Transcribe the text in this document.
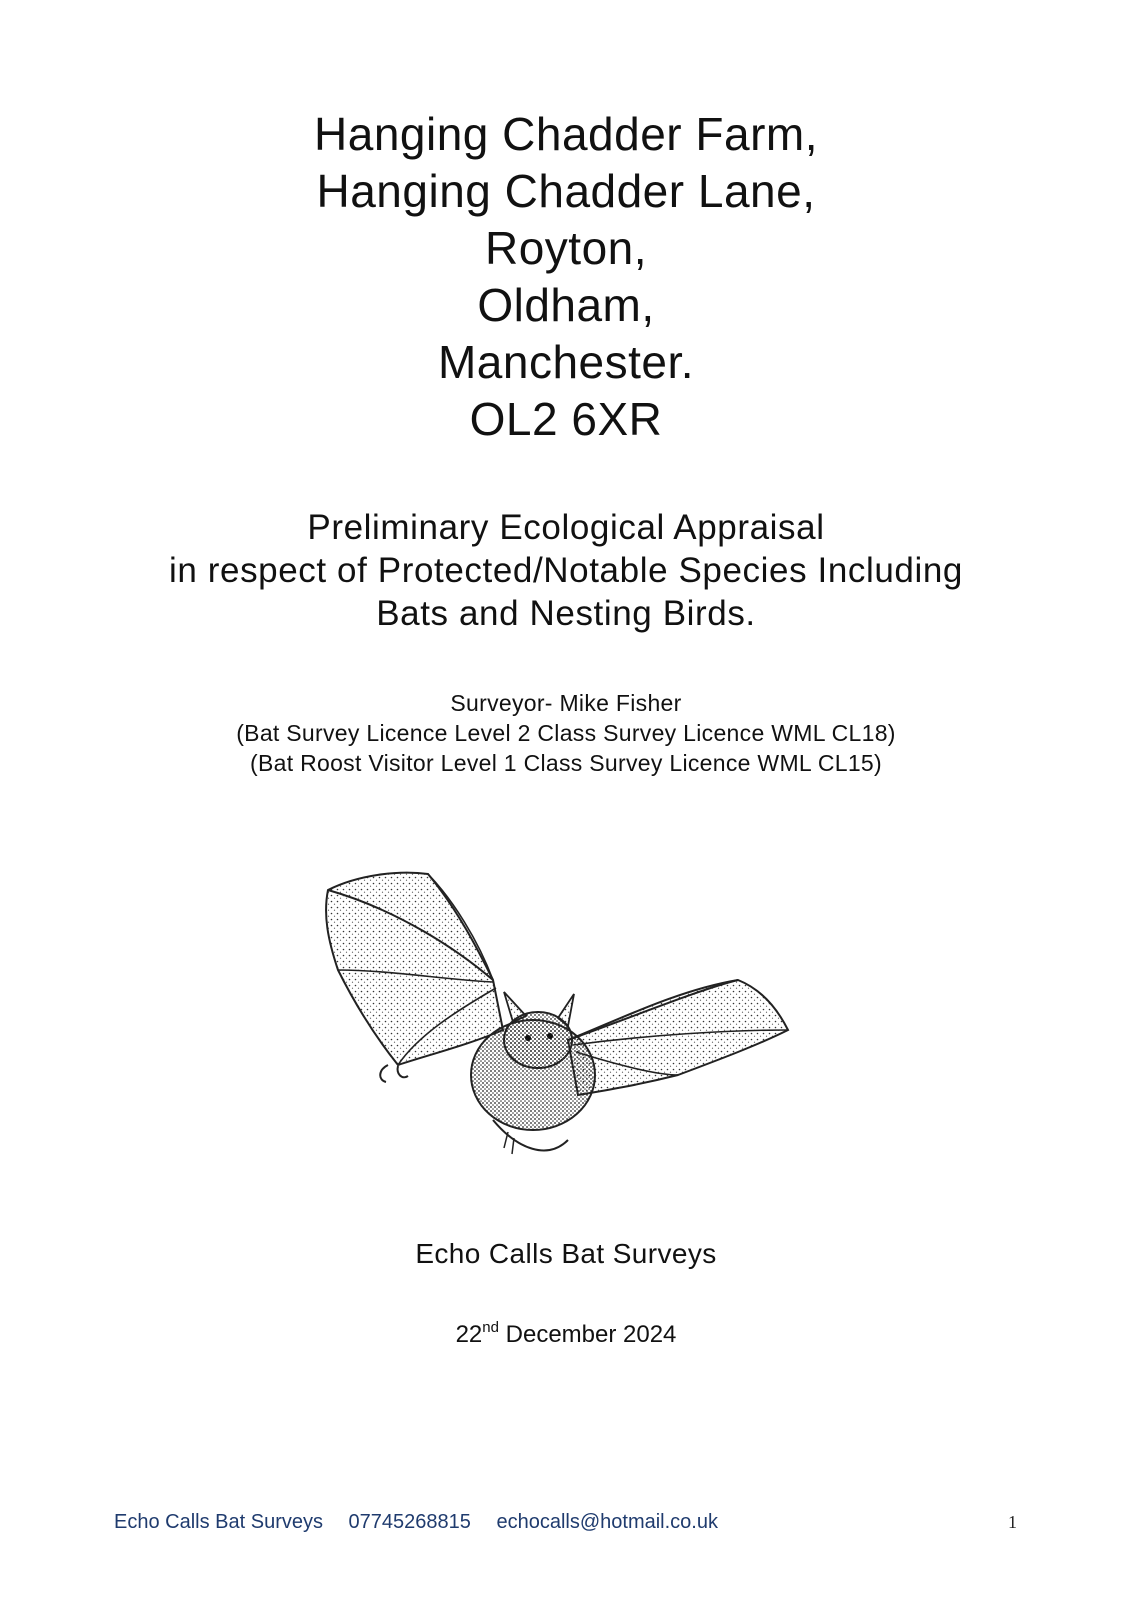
Hanging Chadder Farm,
Hanging Chadder Lane,
Royton,
Oldham,
Manchester.
OL2 6XR
Preliminary Ecological Appraisal
in respect of Protected/Notable Species Including
Bats and Nesting Birds.
Surveyor- Mike Fisher
(Bat Survey Licence Level 2 Class Survey Licence WML CL18)
(Bat Roost Visitor Level 1 Class Survey Licence WML CL15)
Echo Calls Bat Surveys
22nd December 2024
Echo Calls Bat Surveys 07745268815 echocalls@hotmail.co.uk	1
